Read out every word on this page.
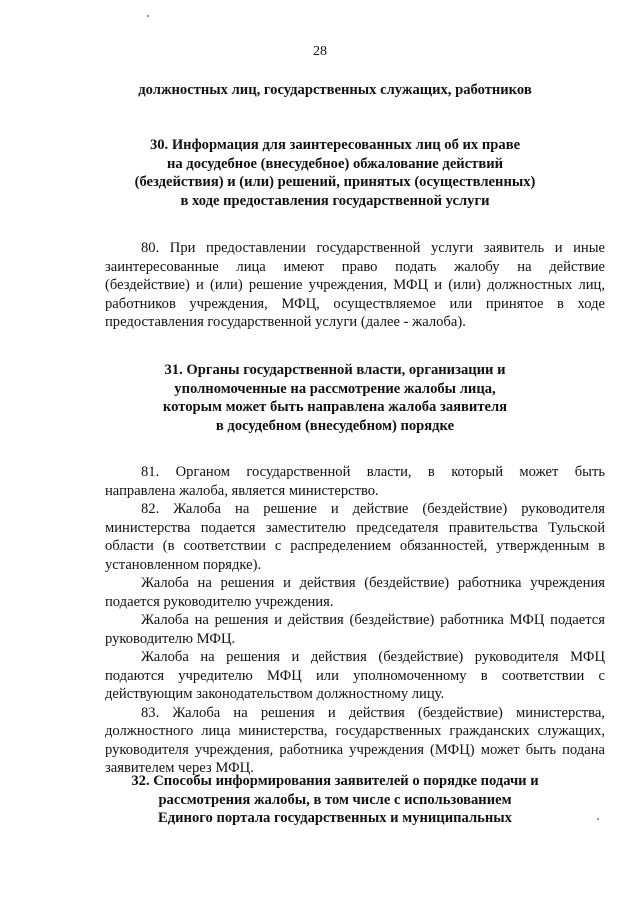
28
должностных лиц, государственных служащих, работников
30. Информация для заинтересованных лиц об их праве
на досудебное (внесудебное) обжалование действий
(бездействия) и (или) решений, принятых (осуществленных)
в ходе предоставления государственной услуги
80. При предоставлении государственной услуги заявитель и иные
заинтересованные лица имеют право подать жалобу на действие
(бездействие) и (или) решение учреждения, МФЦ и (или) должностных лиц,
работников учреждения, МФЦ, осуществляемое или принятое в ходе
предоставления государственной услуги (далее - жалоба).
31. Органы государственной власти, организации и
уполномоченные на рассмотрение жалобы лица,
которым может быть направлена жалоба заявителя
в досудебном (внесудебном) порядке
81. Органом государственной власти, в который может быть
направлена жалоба, является министерство.
82. Жалоба на решение и действие (бездействие) руководителя
министерства подается заместителю председателя правительства Тульской
области (в соответствии с распределением обязанностей, утвержденным в
установленном порядке).
Жалоба на решения и действия (бездействие) работника учреждения
подается руководителю учреждения.
Жалоба на решения и действия (бездействие) работника МФЦ подается
руководителю МФЦ.
Жалоба на решения и действия (бездействие) руководителя МФЦ
подаются учредителю МФЦ или уполномоченному в соответствии с
действующим законодательством должностному лицу.
83. Жалоба на решения и действия (бездействие) министерства,
должностного лица министерства, государственных гражданских служащих,
руководителя учреждения, работника учреждения (МФЦ) может быть подана
заявителем через МФЦ.
32. Способы информирования заявителей о порядке подачи и
рассмотрения жалобы, в том числе с использованием
Единого портала государственных и муниципальных
